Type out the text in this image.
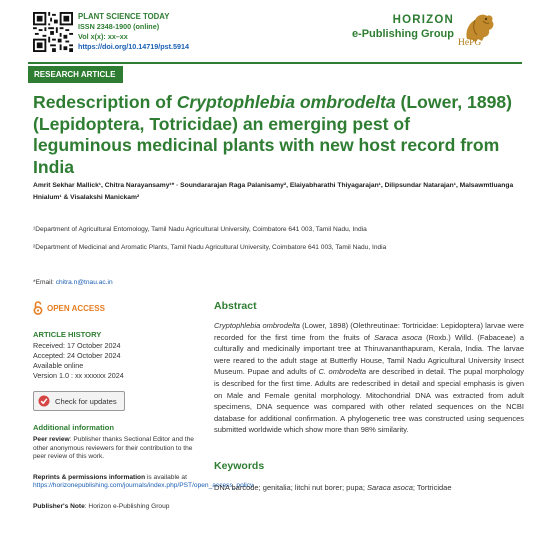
PLANT SCIENCE TODAY
ISSN 2348-1900 (online)
Vol x(x): xx–xx
https://doi.org/10.14719/pst.5914
HORIZON
e-Publishing Group
HePG
RESEARCH ARTICLE
Redescription of Cryptophlebia ombrodelta (Lower, 1898) (Lepidoptera, Totricidae) an emerging pest of leguminous medicinal plants with new host record from India
Amrit Sekhar Mallick¹, Chitra Narayansamy¹* · Soundararajan Raga Palanisamy², Elaiyabharathi Thiyagarajan¹, Dilipsundar Natarajan¹, Malsawmtluanga Hnialum¹ & Visalakshi Manickam²
¹Department of Agricultural Entomology, Tamil Nadu Agricultural University, Coimbatore 641 003, Tamil Nadu, India
²Department of Medicinal and Aromatic Plants, Tamil Nadu Agricultural University, Coimbatore 641 003, Tamil Nadu, India
*Email: chitra.n@tnau.ac.in
OPEN ACCESS
ARTICLE HISTORY
Received: 17 October 2024
Accepted: 24 October 2024
Available online
Version 1.0 : xx xxxxxx 2024
Check for updates
Additional information
Peer review: Publisher thanks Sectional Editor and the other anonymous reviewers for their contribution to the peer review of this work.
Reprints & permissions information is available at https://horizonepublishing.com/journals/index.php/PST/open_access_policy
Publisher's Note: Horizon e-Publishing Group
Abstract

Cryptophlebia ombrodelta (Lower, 1898) (Olethreutinae: Tortricidae: Lepidoptera) larvae were recorded for the first time from the fruits of Saraca asoca (Roxb.) Willd. (Fabaceae) a culturally and medicinally important tree at Thiruvananthapuram, Kerala, India. The larvae were reared to the adult stage at Butterfly House, Tamil Nadu Agricultural University Insect Museum. Pupae and adults of C. ombrodelta are described in detail. The pupal morphology is described for the first time. Adults are redescribed in detail and special emphasis is given on Male and Female genital morphology. Mitochondrial DNA was extracted from adult specimens, DNA sequence was compared with other related sequences on the NCBI database for additional confirmation. A phylogenetic tree was constructed using sequences submitted worldwide which show more than 98% similarity.

Keywords

DNA barcode; genitalia; litchi nut borer; pupa; Saraca asoca; Tortricidae
